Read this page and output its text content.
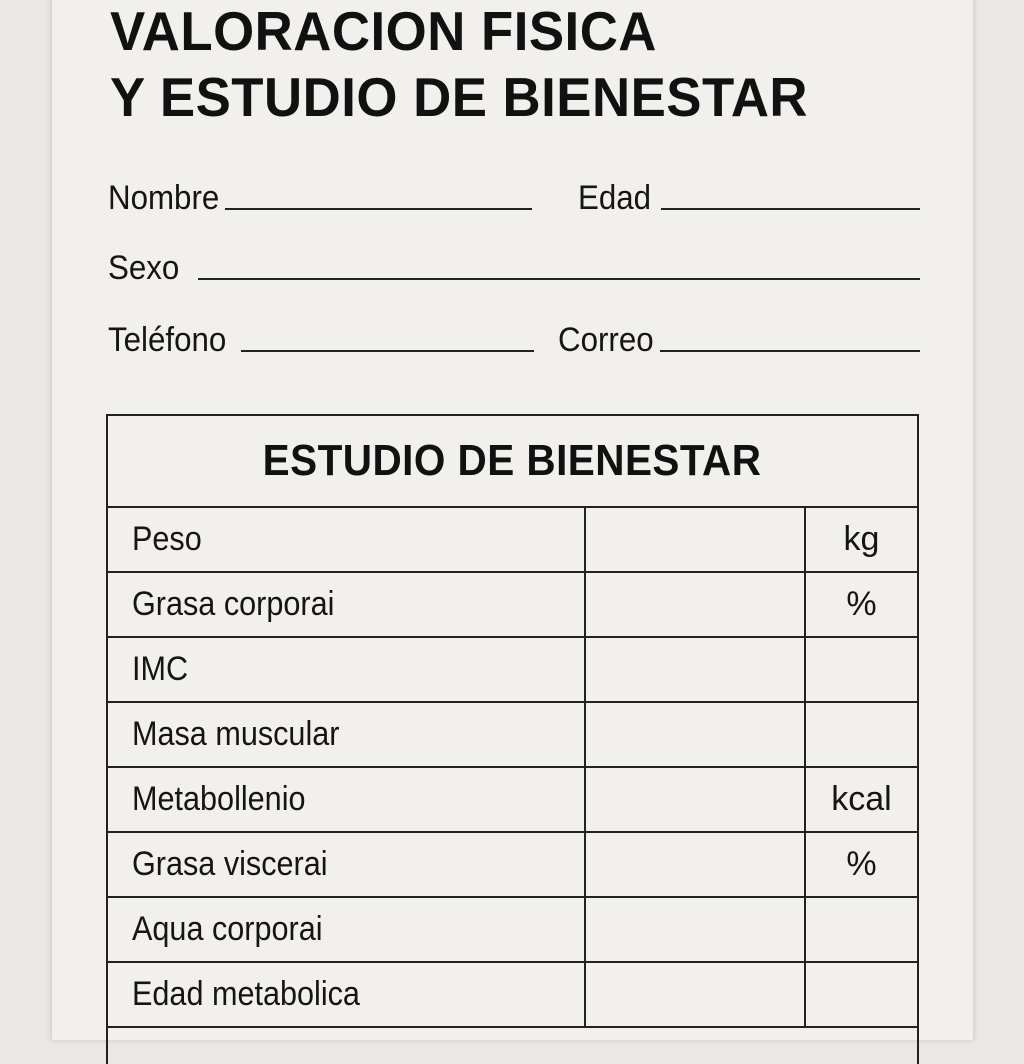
VALORACION FISICA
Y ESTUDIO DE BIENESTAR
Nombre	Edad
Sexo
Teléfono	Correo
ESTUDIO DE BIENESTAR
Peso	kg
Grasa corporai	%
IMC
Masa muscular
Metabollenio	kcal
Grasa viscerai	%
Aqua corporai
Edad metabolica
